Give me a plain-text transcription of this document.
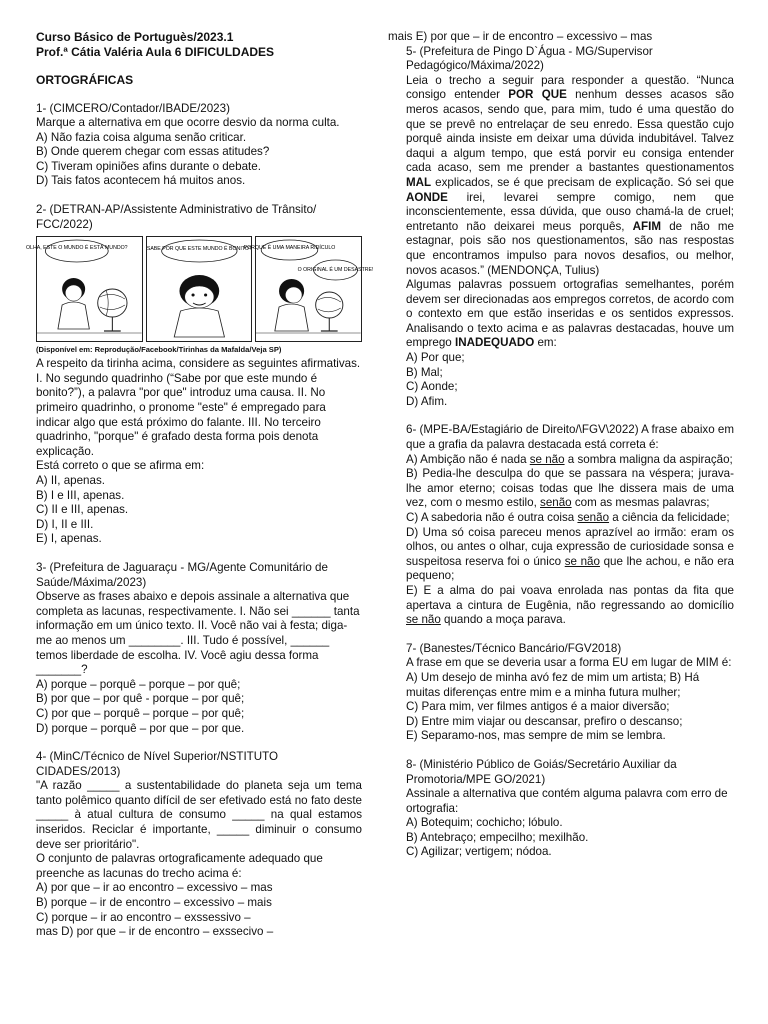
Curso Básico de Portuguès/2023.1

Prof.ª Cátia Valéria Aula 6 DIFICULDADES

ORTOGRÁFICAS

1- (CIMCERO/Contador/IBADE/2023)

Marque a alternativa em que ocorre desvio da norma culta.

A) Não fazia coisa alguma senão criticar.

B) Onde querem chegar com essas atitudes?

C) Tiveram opiniões afins durante o debate.

D) Tais fatos acontecem há muitos anos.

2- (DETRAN-AP/Assistente Administrativo de Trânsito/ FCC/2022)

OLHA, ESTE O MUNDO É ESTÁ MUNDO?	SABE POR QUE ESTE MUNDO É BONITO?
PORQUE É UMA MANEIRA RIDÍCULO
O ORIGINAL É UM DESASTRE!

(Disponível em: Reprodução/Facebook/Tirinhas da Mafalda/Veja SP)

A respeito da tirinha acima, considere as seguintes afirmativas.

I. No segundo quadrinho (“Sabe por que este mundo é bonito?”), a palavra "por que" introduz uma causa. II. No primeiro quadrinho, o pronome "este" é empregado para indicar algo que está próximo do falante. III. No terceiro quadrinho, "porque" é grafado desta forma pois denota explicação.

Está correto o que se afirma em:

A) II, apenas.

B) I e III, apenas.

C) II e III, apenas.

D) I, II e III.

E) I, apenas.

3- (Prefeitura de Jaguaraçu - MG/Agente Comunitário de Saúde/Máxima/2023)

Observe as frases abaixo e depois assinale a alternativa que completa as lacunas, respectivamente. I. Não sei ______ tanta informação em um único texto. II. Você não vai à festa; diga-me ao menos um ________. III. Tudo é possível, ______ temos liberdade de escolha. IV. Você agiu dessa forma _______?

A) porque – porquê – porque – por quê;

B) por que – por quê - porque – por quê;

C) por que – porquê – porque – por quê;

D) porque – porquê – por que – por que.

4- (MinC/Técnico de Nível Superior/NSTITUTO CIDADES/2013)

"A razão _____ a sustentabilidade do planeta seja um tema tanto polêmico quanto difícil de ser efetivado está no fato deste _____ à atual cultura de consumo _____ na qual estamos inseridos. Reciclar é importante, _____ diminuir o consumo deve ser prioritário".

O conjunto de palavras ortograficamente adequado que preenche as lacunas do trecho acima é:

A) por que – ir ao encontro – excessivo – mas

B) porque – ir de encontro – excessivo – mais

C) porque – ir ao encontro – exssessivo –

mas D) por que – ir de encontro – exssecivo –

mais E) por que – ir de encontro – excessivo – mas

5- (Prefeitura de Pingo D`Água - MG/Supervisor Pedagógico/Máxima/2022)

Leia o trecho a seguir para responder a questão. “Nunca consigo entender POR QUE nenhum desses acasos são meros acasos, sendo que, para mim, tudo é uma questão do que se prevê no entrelaçar de seu enredo. Essa questão cujo porquê ainda insiste em deixar uma dúvida indubitável. Talvez daqui a algum tempo, que está porvir eu consiga entender cada acaso, sem me prender a bastantes questionamentos MAL explicados, se é que precisam de explicação. Só sei que AONDE irei, levarei sempre comigo, nem que inconscientemente, essa dúvida, que ouso chamá-la de cruel; entretanto não deixarei meus porquês, AFIM de não me estagnar, pois são nos questionamentos, são nas respostas que encontramos impulso para novos desafios, ou melhor, novos acasos.” (MENDONÇA, Tulius)

Algumas palavras possuem ortografias semelhantes, porém devem ser direcionadas aos empregos corretos, de acordo com o contexto em que estão inseridas e os sentidos expressos. Analisando o texto acima e as palavras destacadas, houve um emprego INADEQUADO em:

A) Por que;

B) Mal;

C) Aonde;

D) Afim.

6- (MPE-BA/Estagiário de Direito/\FGV\2022) A frase abaixo em que a grafia da palavra destacada está correta é:

A) Ambição não é nada se não a sombra maligna da aspiração;

B) Pedia-lhe desculpa do que se passara na véspera; jurava-lhe amor eterno; coisas todas que lhe dissera mais de uma vez, com o mesmo estilo, senão com as mesmas palavras;

C) A sabedoria não é outra coisa senão a ciência da felicidade;

D) Uma só coisa pareceu menos aprazível ao irmão: eram os olhos, ou antes o olhar, cuja expressão de curiosidade sonsa e suspeitosa reserva foi o único se não que lhe achou, e não era pequeno;

E) E a alma do pai voava enrolada nas pontas da fita que apertava a cintura de Eugênia, não regressando ao domicílio se não quando a moça parava.

7- (Banestes/Técnico Bancário/FGV2018)

A frase em que se deveria usar a forma EU em lugar de MIM é:

A) Um desejo de minha avó fez de mim um artista; B) Há muitas diferenças entre mim e a minha futura mulher;

C) Para mim, ver filmes antigos é a maior diversão;

D) Entre mim viajar ou descansar, prefiro o descanso;

E) Separamo-nos, mas sempre de mim se lembra.

8- (Ministério Público de Goiás/Secretário Auxiliar da Promotoria/MPE GO/2021)

Assinale a alternativa que contém alguma palavra com erro de ortografia:

A) Botequim; cochicho; lóbulo.

B) Antebraço; empecilho; mexilhão.

C) Agilizar; vertigem; nódoa.
